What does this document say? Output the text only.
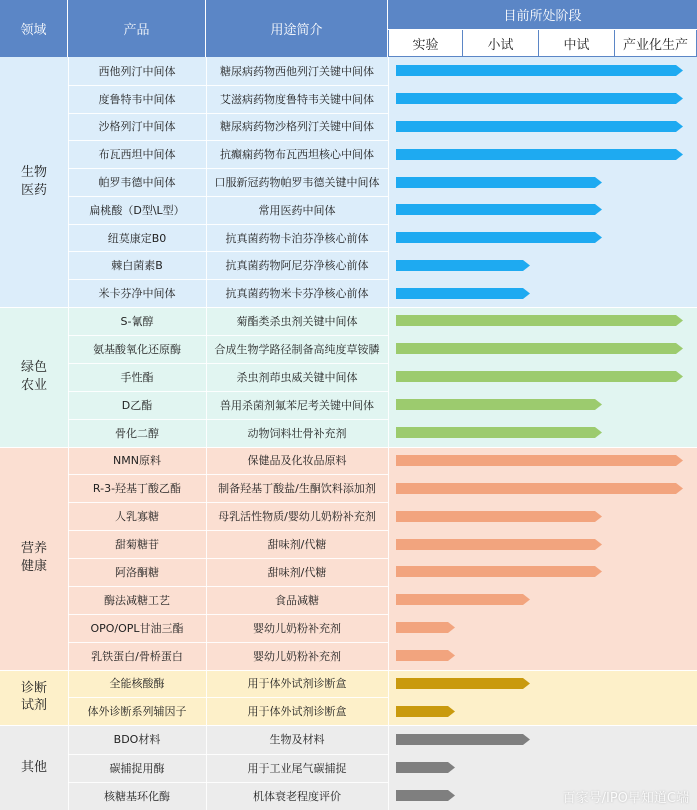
领域	产品	用途简介
目前所处阶段
实验	小试	中试	产业化生产
生物
医药
西他列汀中间体	糖尿病药物西他列汀关键中间体
度鲁特韦中间体	艾滋病药物度鲁特韦关键中间体
沙格列汀中间体	糖尿病药物沙格列汀关键中间体
布瓦西坦中间体	抗癫痫药物布瓦西坦核心中间体
帕罗韦德中间体	口服新冠药物帕罗韦德关键中间体
扁桃酸（D型\L型）	常用医药中间体
纽莫康定B0	抗真菌药物卡泊芬净核心前体
棘白菌素B	抗真菌药物阿尼芬净核心前体
米卡芬净中间体	抗真菌药物米卡芬净核心前体
绿色
农业
S-氰醇	菊酯类杀虫剂关键中间体
氨基酸氧化还原酶	合成生物学路径制备高纯度草铵膦
手性酯	杀虫剂茚虫威关键中间体
D乙酯	兽用杀菌剂氟苯尼考关键中间体
骨化二醇	动物饲料壮骨补充剂
营养
健康
NMN原料	保健品及化妆品原料
R-3-羟基丁酸乙酯	制备羟基丁酸盐/生酮饮料添加剂
人乳寡糖	母乳活性物质/婴幼儿奶粉补充剂
甜菊糖苷	甜味剂/代糖
阿洛酮糖	甜味剂/代糖
酶法减糖工艺	食品减糖
OPO/OPL甘油三酯	婴幼儿奶粉补充剂
乳铁蛋白/骨桥蛋白	婴幼儿奶粉补充剂
诊断
试剂
全能核酸酶	用于体外试剂诊断盒
体外诊断系列辅因子	用于体外试剂诊断盒
其他
BDO材料	生物及材料
碳捕捉用酶	用于工业尾气碳捕捉
核糖基环化酶	机体衰老程度评价	百家号/IPO早知道C端
